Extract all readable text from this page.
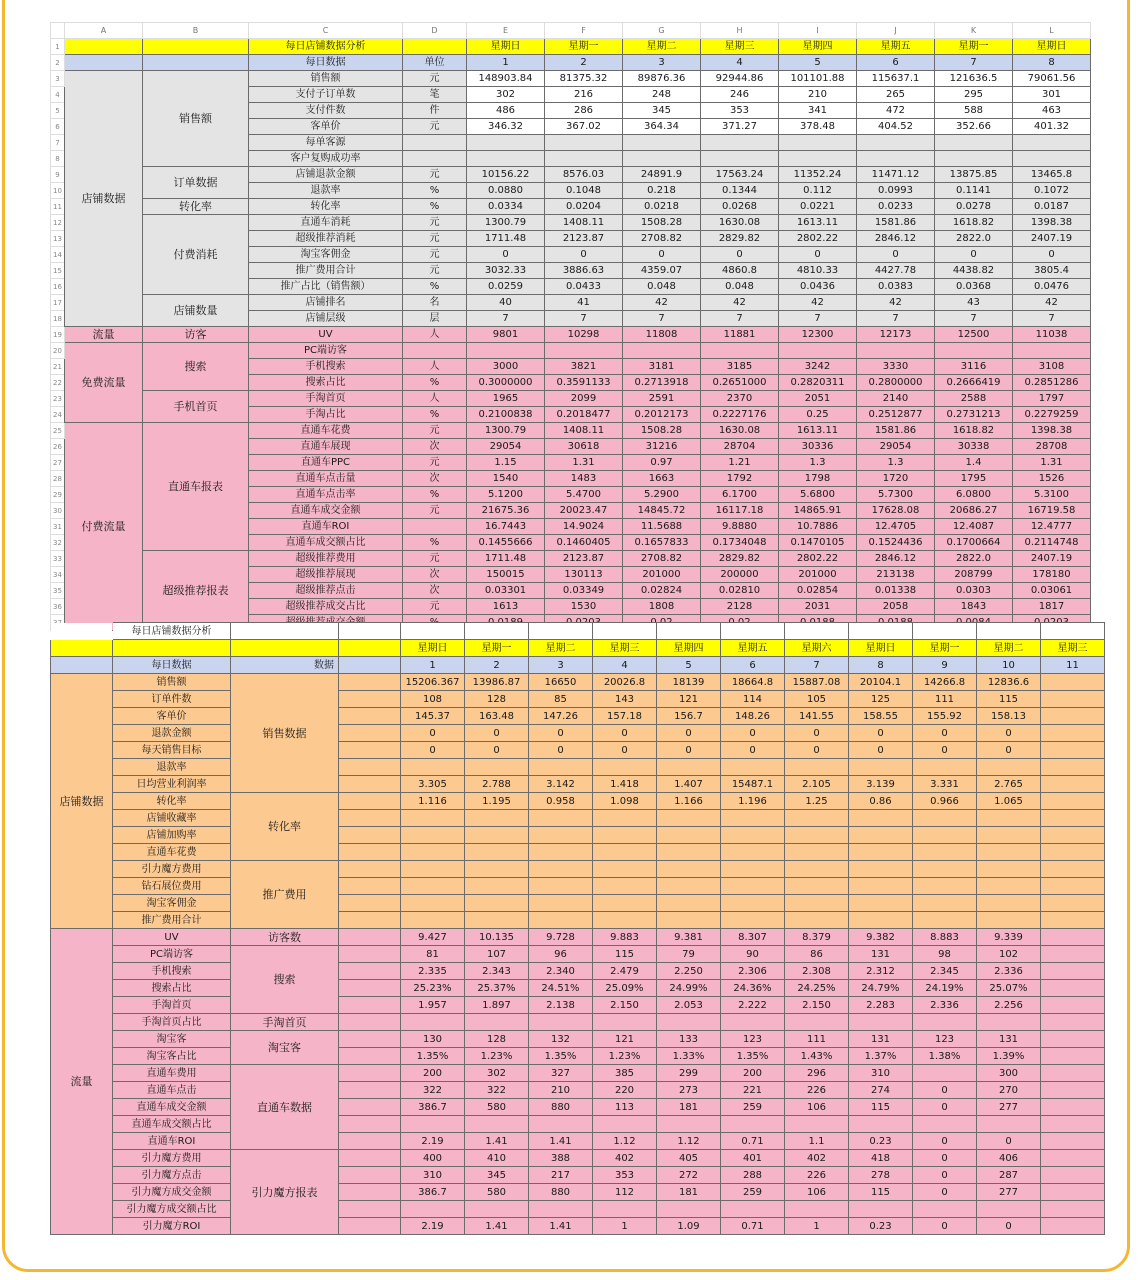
	A	B	C	D	E	F	G	H	I	J	K	L
1			每日店铺数据分析		星期日	星期一	星期二	星期三	星期四	星期五	星期一	星期日
2			每日数据	单位	1	2	3	4	5	6	7	8
3	店铺数据	销售额	销售额	元	148903.84	81375.32	89876.36	92944.86	101101.88	115637.1	121636.5	79061.56
4			支付子订单数	笔	302	216	248	246	210	265	295	301
5			支付件数	件	486	286	345	353	341	472	588	463
6			客单价	元	346.32	367.02	364.34	371.27	378.48	404.52	352.66	401.32
7			每单客源									
8			客户复购成功率									
9		订单数据	店铺退款金额	元	10156.22	8576.03	24891.9	17563.24	11352.24	11471.12	13875.85	13465.8
10			退款率	%	0.0880	0.1048	0.218	0.1344	0.112	0.0993	0.1141	0.1072
11		转化率	转化率	%	0.0334	0.0204	0.0218	0.0268	0.0221	0.0233	0.0278	0.0187
12		付费消耗	直通车消耗	元	1300.79	1408.11	1508.28	1630.08	1613.11	1581.86	1618.82	1398.38
13			超级推荐消耗	元	1711.48	2123.87	2708.82	2829.82	2802.22	2846.12	2822.0	2407.19
14			淘宝客佣金	元	0	0	0	0	0	0	0	0
15			推广费用合计	元	3032.33	3886.63	4359.07	4860.8	4810.33	4427.78	4438.82	3805.4
16			推广占比（销售额）	%	0.0259	0.0433	0.048	0.048	0.0436	0.0383	0.0368	0.0476
17		店铺数量	店铺排名	名	40	41	42	42	42	42	43	42
18			店铺层级	层	7	7	7	7	7	7	7	7
19	流量	访客	UV	人	9801	10298	11808	11881	12300	12173	12500	11038
20	免费流量	搜索	PC端访客									
21			手机搜索	人	3000	3821	3181	3185	3242	3330	3116	3108
22			搜索占比	%	0.3000000	0.3591133	0.2713918	0.2651000	0.2820311	0.2800000	0.2666419	0.2851286
23		手机首页	手淘首页	人	1965	2099	2591	2370	2051	2140	2588	1797
24			手淘占比	%	0.2100838	0.2018477	0.2012173	0.2227176	0.25	0.2512877	0.2731213	0.2279259
25	付费流量	直通车报表	直通车花费	元	1300.79	1408.11	1508.28	1630.08	1613.11	1581.86	1618.82	1398.38
26			直通车展现	次	29054	30618	31216	28704	30336	29054	30338	28708
27			直通车PPC	元	1.15	1.31	0.97	1.21	1.3	1.3	1.4	1.31
28			直通车点击量	次	1540	1483	1663	1792	1798	1720	1795	1526
29			直通车点击率	%	5.1200	5.4700	5.2900	6.1700	5.6800	5.7300	6.0800	5.3100
30			直通车成交金额	元	21675.36	20023.47	14845.72	16117.18	14865.91	17628.08	20686.27	16719.58
31			直通车ROI		16.7443	14.9024	11.5688	9.8880	10.7886	12.4705	12.4087	12.4777
32			直通车成交额占比	%	0.1455666	0.1460405	0.1657833	0.1734048	0.1470105	0.1524436	0.1700664	0.2114748
33		超级推荐报表	超级推荐费用	元	1711.48	2123.87	2708.82	2829.82	2802.22	2846.12	2822.0	2407.19
34			超级推荐展现	次	150015	130113	201000	200000	201000	213138	208799	178180
35			超级推荐点击	次	0.03301	0.03349	0.02824	0.02810	0.02854	0.01338	0.0303	0.03061
36			超级推荐成交占比	元	1613	1530	1808	2128	2031	2058	1843	1817

	每日店铺数据分析													
				星期日	星期一	星期二	星期三	星期四	星期五	星期六	星期日	星期一	星期二	星期三
	每日数据	数据		1	2	3	4	5	6	7	8	9	10	11
店铺数据	销售额	销售数据		15206.367	13986.87	16650	20026.8	18139	18664.8	15887.08	20104.1	14266.8	12836.6	
	订单件数			108	128	85	143	121	114	105	125	111	115	
	客单价			145.37	163.48	147.26	157.18	156.7	148.26	141.55	158.55	155.92	158.13	
	退款金额			0	0	0	0	0	0	0	0	0	0	
	每天销售目标			0	0	0	0	0	0	0	0	0	0	
	退款率													
	日均营业利润率			3.305	2.788	3.142	1.418	1.407	15487.1	2.105	3.139	3.331	2.765	
	转化率	转化率		1.116	1.195	0.958	1.098	1.166	1.196	1.25	0.86	0.966	1.065	
	店铺收藏率													
	店铺加购率													
	直通车花费													
	引力魔方费用	推广费用												
	钻石展位费用													
	淘宝客佣金													
	推广费用合计													
流量	UV	访客数		9.427	10.135	9.728	9.883	9.381	8.307	8.379	9.382	8.883	9.339	
	PC端访客	搜索		81	107	96	115	79	90	86	131	98	102	
	手机搜索			2.335	2.343	2.340	2.479	2.250	2.306	2.308	2.312	2.345	2.336	
	搜索占比			25.23%	25.37%	24.51%	25.09%	24.99%	24.36%	24.25%	24.79%	24.19%	25.07%	
	手淘首页			1.957	1.897	2.138	2.150	2.053	2.222	2.150	2.283	2.336	2.256	
	手淘首页占比	手淘首页												
	淘宝客	淘宝客		130	128	132	121	133	123	111	131	123	131	
	淘宝客占比			1.35%	1.23%	1.35%	1.23%	1.33%	1.35%	1.43%	1.37%	1.38%	1.39%	
	直通车费用	直通车数据		200	302	327	385	299	200	296	310		300	
	直通车点击			322	322	210	220	273	221	226	274	0	270	
	直通车成交金额			386.7	580	880	113	181	259	106	115	0	277	
	直通车成交额占比													
	直通车ROI			2.19	1.41	1.41	1.12	1.12	0.71	1.1	0.23	0	0	
	引力魔方费用	引力魔方报表		400	410	388	402	405	401	402	418	0	406	
	引力魔方点击			310	345	217	353	272	288	226	278	0	287	
	引力魔方成交金额			386.7	580	880	112	181	259	106	115	0	277	
	引力魔方成交额占比													
	引力魔方ROI			2.19	1.41	1.41	1	1.09	0.71	1	0.23	0	0	
